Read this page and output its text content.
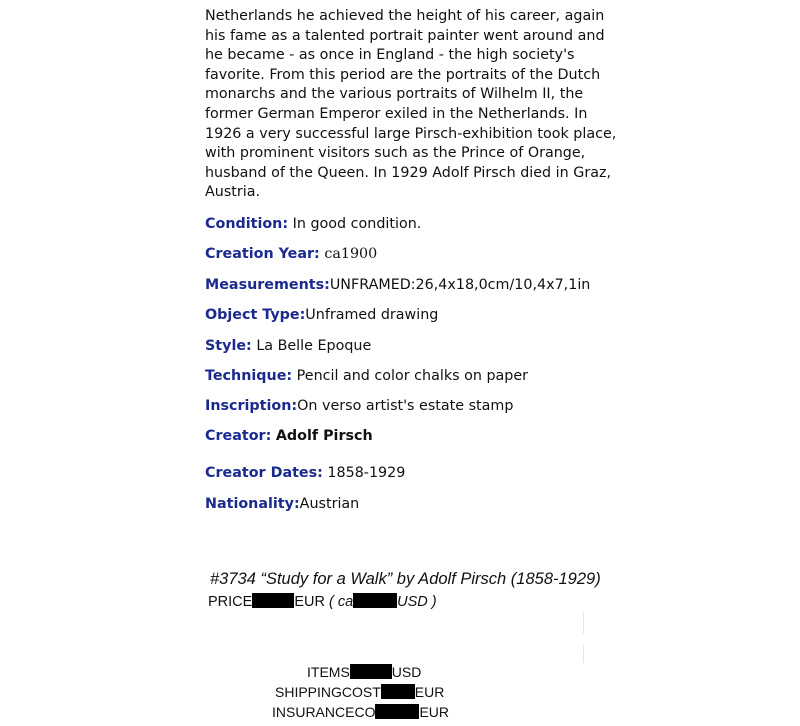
Netherlands he achieved the height of his career, again his fame as a talented portrait painter went around and he became - as once in England - the high society's favorite. From this period are the portraits of the Dutch monarchs and the various portraits of Wilhelm II, the former German Emperor exiled in the Netherlands. In 1926 a very successful large Pirsch-exhibition took place, with prominent visitors such as the Prince of Orange, husband of the Queen. In 1929 Adolf Pirsch died in Graz, Austria.

Condition: In good condition.
Creation Year: ca1900
Measurements:UNFRAMED:26,4x18,0cm/10,4x7,1in
Object Type:Unframed drawing
Style: La Belle Epoque
Technique: Pencil and color chalks on paper
Inscription:On verso artist's estate stamp
Creator: Adolf Pirsch
Creator Dates: 1858-1929
Nationality:Austrian
#3734 “Study for a Walk” by Adolf Pirsch (1858-1929)
PRICE	EUR ( ca	USD )
ITEMS	USD
SHIPPINGCOST EUR
INSURANCECO	EUR
